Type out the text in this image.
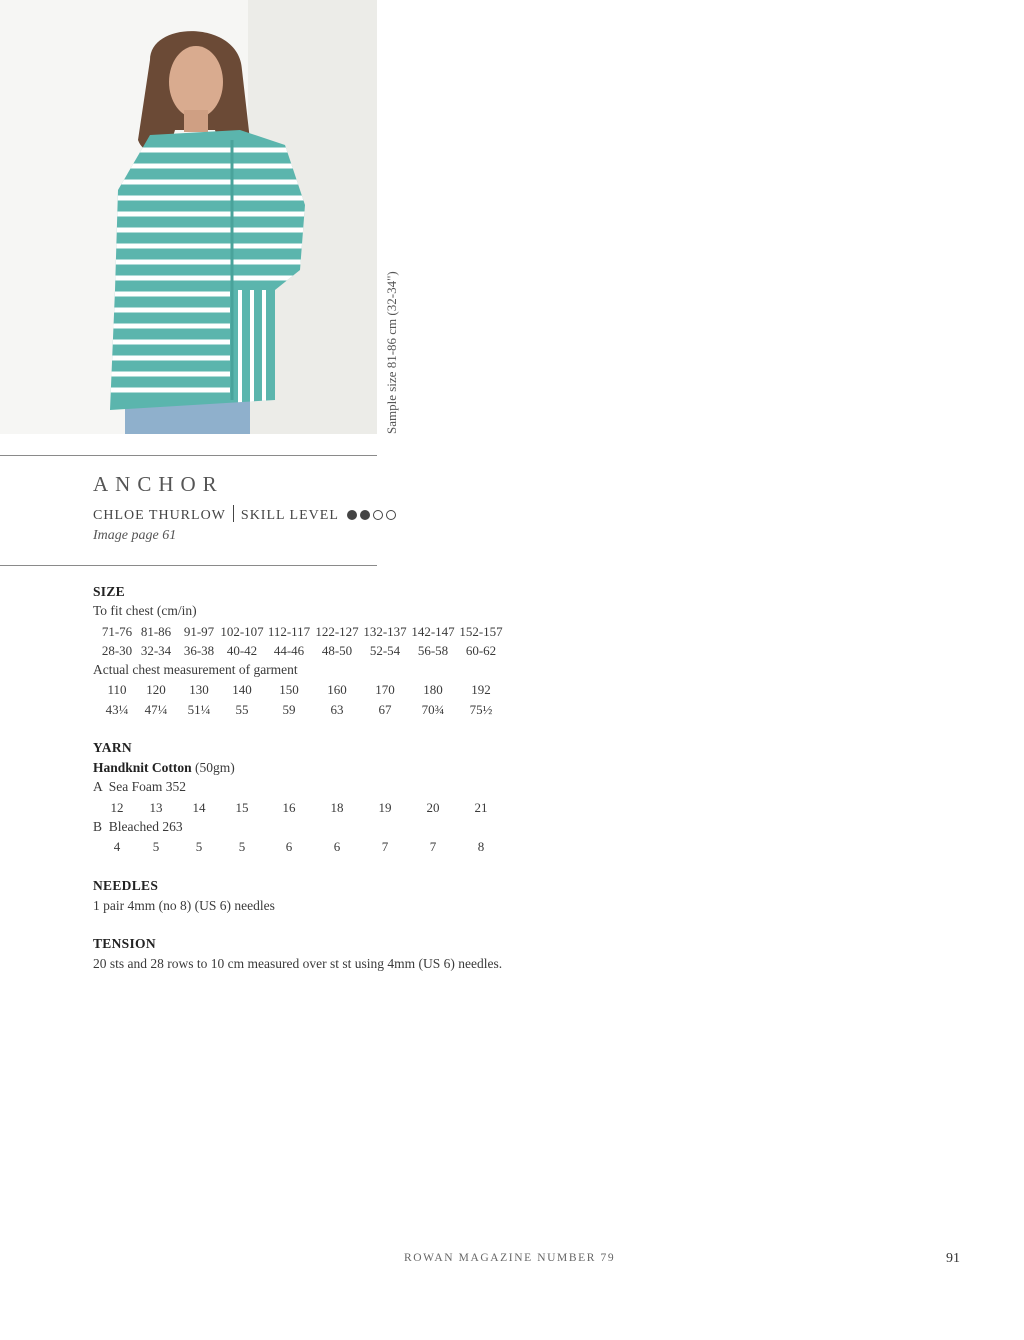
Sample size 81-86 cm (32-34")
ANCHOR
CHLOE THURLOW SKILL LEVEL
Image page 61
SIZE
To fit chest (cm/in)
71-76 81-86 91-97 102-107 112-117 122-127 132-137 142-147 152-157
28-30 32-34 36-38 40-42	44-46	48-50	52-54	56-58	60-62
Actual chest measurement of garment
110	120	130	140	150	160	170	180	192
43¼	47¼	51¼	55	59	63	67	70¾	75½
YARN
Handknit Cotton (50gm)
A  Sea Foam 352
12	13	14	15	16	18	19	20	21
B  Bleached 263
4	5	5	5	6	6	7	7	8
NEEDLES
1 pair 4mm (no 8) (US 6) needles
TENSION
20 sts and 28 rows to 10 cm measured over st st using 4mm (US 6) needles.
ROWAN MAGAZINE NUMBER 79	91
